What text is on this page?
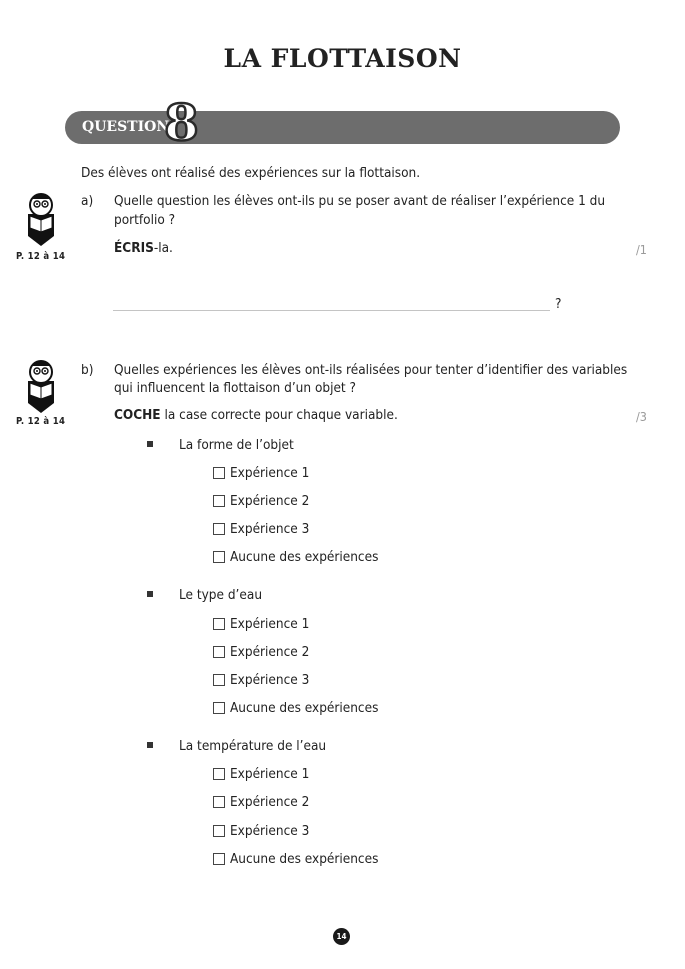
LA FLOTTAISON
QUESTION
8
Des élèves ont réalisé des expériences sur la flottaison.
P. 12 à 14
a) Quelle question les élèves ont-ils pu se poser avant de réaliser l’expérience 1 du
portfolio ?
ÉCRIS-la.	/1
?
P. 12 à 14
b) Quelles expériences les élèves ont-ils réalisées pour tenter d’identifier des variables
qui influencent la flottaison d’un objet ?
COCHE la case correcte pour chaque variable.	/3
La forme de l’objet
Expérience 1
Expérience 2
Expérience 3
Aucune des expériences
Le type d’eau
Expérience 1
Expérience 2
Expérience 3
Aucune des expériences
La température de l’eau
Expérience 1
Expérience 2
Expérience 3
Aucune des expériences
14
